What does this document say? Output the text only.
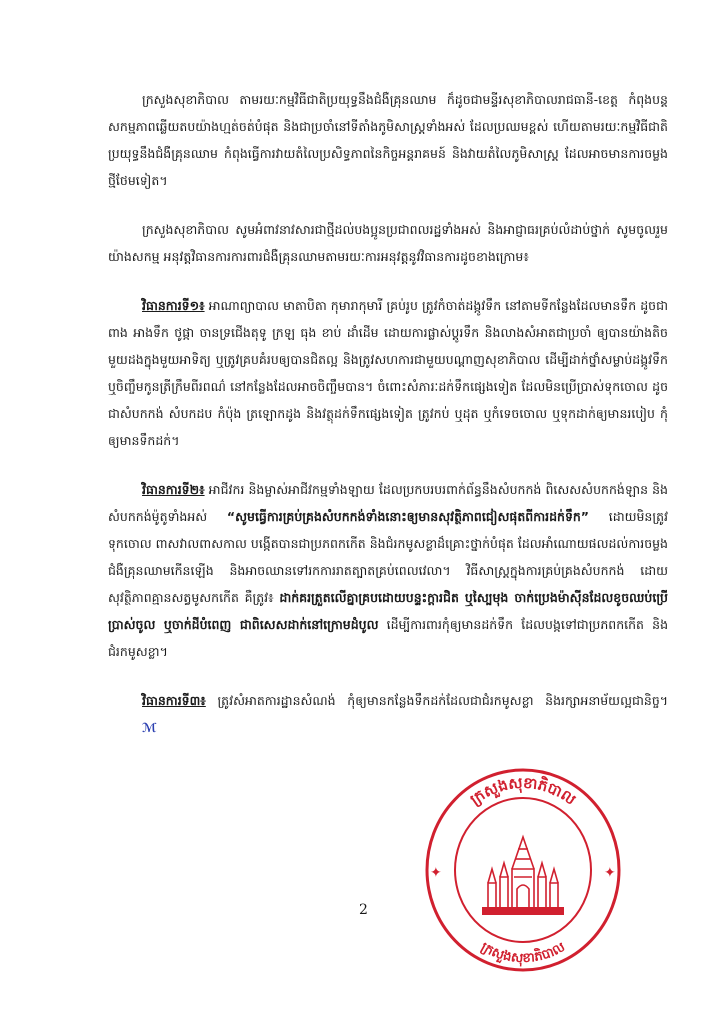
ក្រសួងសុខាភិបាល តាមរយៈកម្មវិធីជាតិប្រយុទ្ធនឹងជំងឺគ្រុនឈាម ក៏ដូចជាមន្ទីរសុខាភិបាលរាជធានី-ខេត្ត កំពុងបន្តសកម្មភាពឆ្លើយតបយ៉ាងហ្មត់ចត់បំផុត និងជាប្រចាំនៅទីតាំងភូមិសាស្ត្រទាំងអស់ ដែលប្រឈមខ្ពស់ ហើយតាមរយៈកម្មវិធីជាតិប្រយុទ្ធនឹងជំងឺគ្រុនឈាម កំពុងធ្វើការវាយតំលៃប្រសិទ្ធភាពនៃកិច្ចអន្តរាគមន៍ និងវាយតំលៃភូមិសាស្ត្រ ដែលអាចមានការចម្លងថ្មីថែមទៀត។

ក្រសួងសុខាភិបាល សូមអំពាវនាវសារជាថ្មីដល់បងប្អូនប្រជាពលរដ្ឋទាំងអស់ និងអាជ្ញាធរគ្រប់លំដាប់ថ្នាក់ សូមចូលរួមយ៉ាងសកម្ម អនុវត្តវិធានការការពារជំងឺគ្រុនឈាមតាមរយៈការអនុវត្តនូវវិធានការដូចខាងក្រោម៖

វិធានការទី១៖ អាណាព្យាបាល មាតាបិតា កុមារាកុមារី គ្រប់រូប ត្រូវកំចាត់ដង្កូវទឹក នៅតាមទីកន្លែងដែលមានទឹក ដូចជា ពាង អាងទឹក ថូផ្កា ចានទ្រជើងតុទូ ក្រឡ ធុង ខាប់ ដាំដើម ដោយការផ្លាស់ប្តូរទឹក និងលាងសំអាតជាប្រចាំ ឲ្យបានយ៉ាងតិចមួយដងក្នុងមួយអាទិត្យ ឬត្រូវគ្របគំរបឲ្យបានជិតល្អ និងត្រូវសហការជាមួយបណ្តាញសុខាភិបាល ដើម្បីដាក់ថ្នាំសម្លាប់ដង្កូវទឹក ឬចិញ្ចឹមកូនត្រីក្រឹមពីរពណ៌ នៅកន្លែងដែលអាចចិញ្ចឹមបាន។ ចំពោះសំភារៈដក់ទឹកផ្សេងទៀត ដែលមិនប្រើប្រាស់ទុកចោល ដូចជាសំបកកង់ សំបកដប កំប៉ុង ត្រឡោកដូង និងវត្ថុដក់ទឹកផ្សេងទៀត ត្រូវកប់ ឬដុត ឬកំទេចចោល ឬទុកដាក់ឲ្យមានរបៀប កុំឲ្យមានទឹកដក់។

វិធានការទី២៖ អាជីវករ និងម្ចាស់អាជីវកម្មទាំងឡាយ ដែលប្រកបរបរពាក់ព័ន្ធនឹងសំបកកង់ ពិសេសសំបកកង់ឡាន និងសំបកកង់ម៉ូតូទាំងអស់ “សូមធ្វើការគ្រប់គ្រងសំបកកង់ទាំងនោះឲ្យមានសុវត្ថិភាពជៀសផុតពីការដក់ទឹក” ដោយមិនត្រូវទុកចោល ពាសវាលពាសកាល បង្កើតបានជាប្រភពកកើត និងជំរកមូសខ្លាដ៏គ្រោះថ្នាក់បំផុត ដែលអាំណោយផលដល់ការចម្លងជំងឺគ្រុនឈាមកើនឡើង និងអាចឈានទៅរកការរាតត្បាតគ្រប់ពេលវេលា។ វិធីសាស្ត្រក្នុងការគ្រប់គ្រងសំបកកង់ ដោយសុវត្ថិភាពគ្មានសត្វមូសកកើត គឺត្រូវ៖ ដាក់គរត្រួតលើគ្នាគ្របដោយបន្ទះក្តារជិត ឬស្បៃមុង ចាក់ប្រេងម៉ាស៊ីនដែលខូចឈប់ប្រើប្រាស់ចូល ឬចាក់ដីបំពេញ ជាពិសេសដាក់នៅក្រោមដំបូល ដើម្បីការពារកុំឲ្យមានដក់ទឹក ដែលបង្កទៅជាប្រភពកកើត និងជំរកមូសខ្លា។

វិធានការទី៣៖ ត្រូវសំអាតការដ្ឋានសំណង់ កុំឲ្យមានកន្លែងទឹកដក់ដែលជាជំរកមូសខ្លា និងរក្សាអនាម័យល្អជានិច្ច។ ℳ

2
✦	✦
ក្រសួងសុខាភិបាល
ក្រសួងសុខាភិបាល
